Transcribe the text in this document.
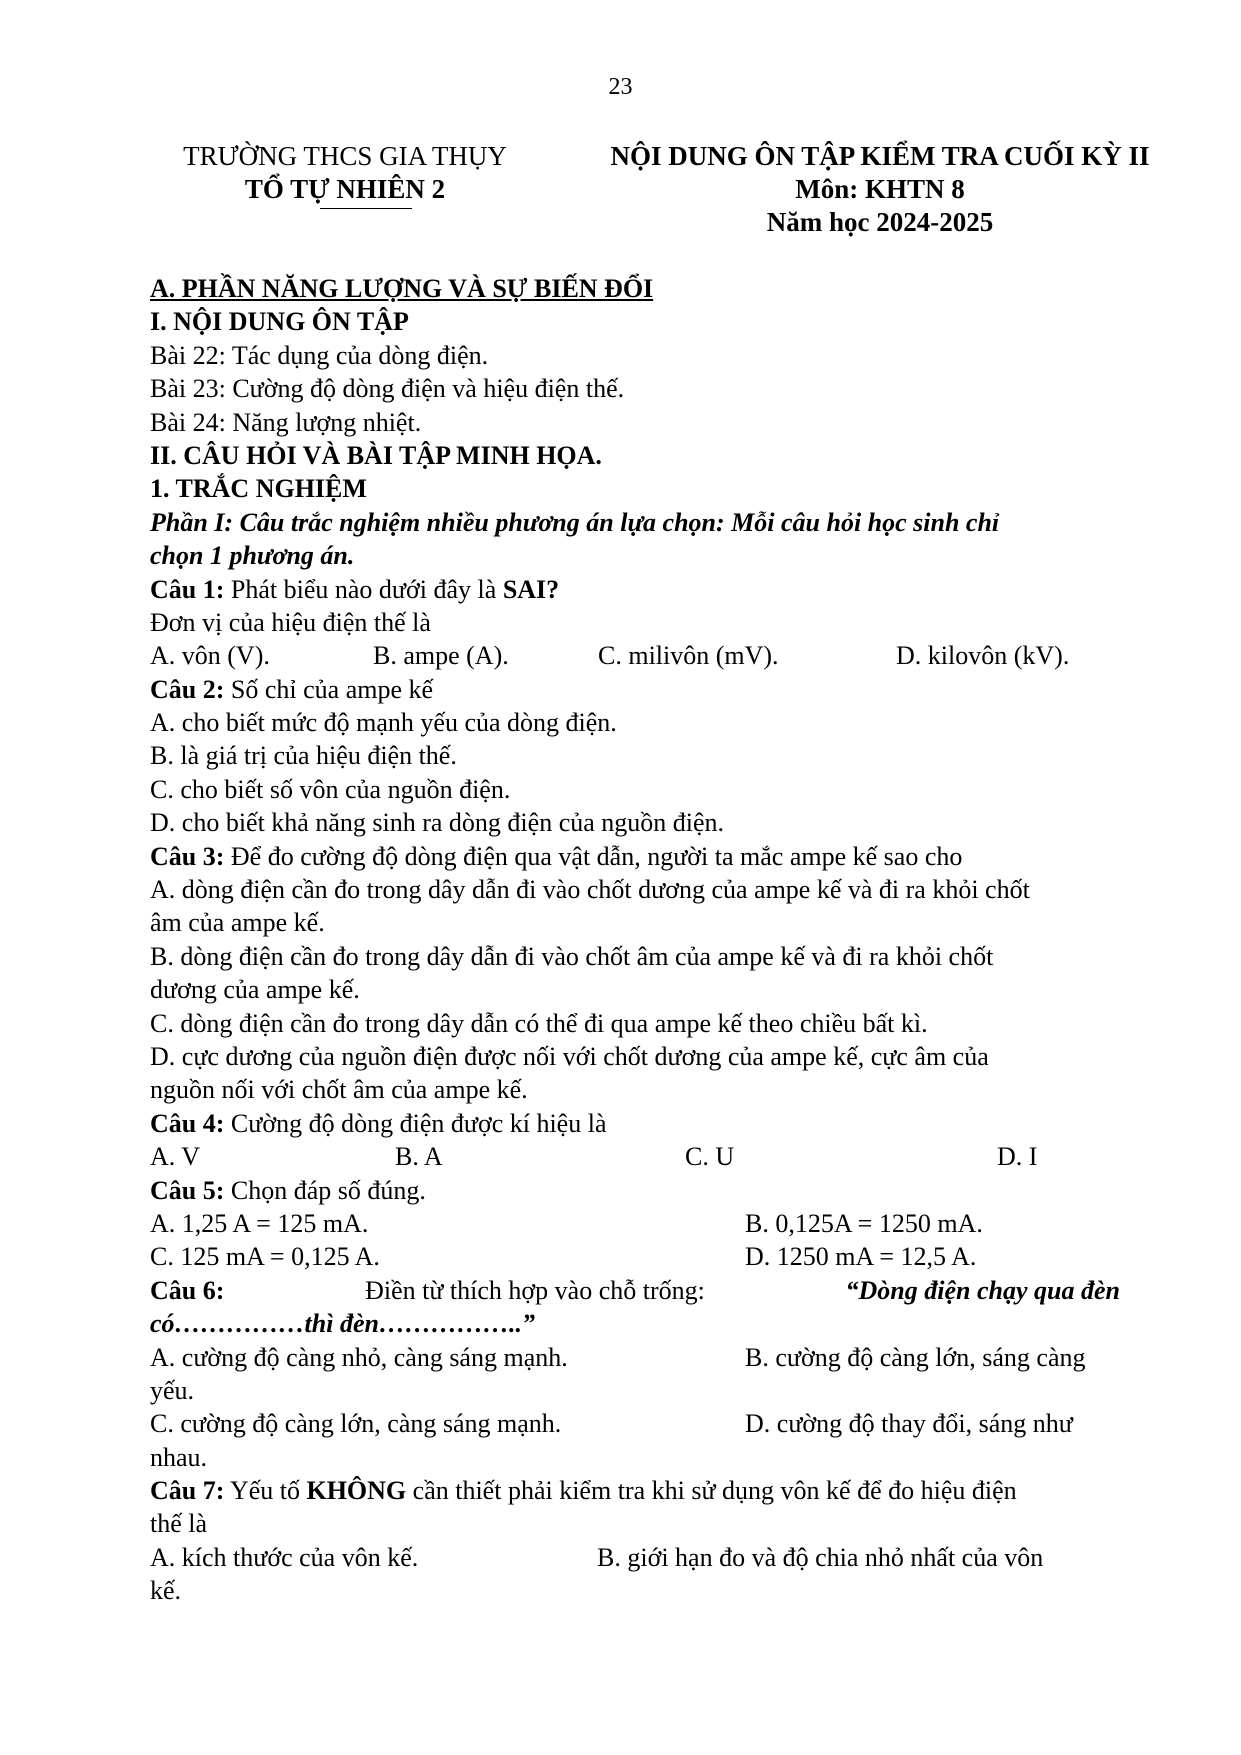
23
TRƯỜNG THCS GIA THỤY
TỔ TỰ NHIÊN 2
NỘI DUNG ÔN TẬP KIỂM TRA CUỐI KỲ II
Môn: KHTN 8
Năm học 2024-2025
A. PHẦN NĂNG LƯỢNG VÀ SỰ BIẾN ĐỔI
I. NỘI DUNG ÔN TẬP
Bài 22: Tác dụng của dòng điện.
Bài 23: Cường độ dòng điện và hiệu điện thế.
Bài 24: Năng lượng nhiệt.
II. CÂU HỎI VÀ BÀI TẬP MINH HỌA.
1. TRẮC NGHIỆM
Phần I: Câu trắc nghiệm nhiều phương án lựa chọn: Mỗi câu hỏi học sinh chỉ
chọn 1 phương án.
Câu 1: Phát biểu nào dưới đây là SAI?
Đơn vị của hiệu điện thế là
A. vôn (V).	B. ampe (A).	C. milivôn (mV).	D. kilovôn (kV).
Câu 2: Số chỉ của ampe kế
A. cho biết mức độ mạnh yếu của dòng điện.
B. là giá trị của hiệu điện thế.
C. cho biết số vôn của nguồn điện.
D. cho biết khả năng sinh ra dòng điện của nguồn điện.
Câu 3: Để đo cường độ dòng điện qua vật dẫn, người ta mắc ampe kế sao cho
A. dòng điện cần đo trong dây dẫn đi vào chốt dương của ampe kế và đi ra khỏi chốt
âm của ampe kế.
B. dòng điện cần đo trong dây dẫn đi vào chốt âm của ampe kế và đi ra khỏi chốt
dương của ampe kế.
C. dòng điện cần đo trong dây dẫn có thể đi qua ampe kế theo chiều bất kì.
D. cực dương của nguồn điện được nối với chốt dương của ampe kế, cực âm của
nguồn nối với chốt âm của ampe kế.
Câu 4: Cường độ dòng điện được kí hiệu là
A. V	B. A	C. U	D. I
Câu 5: Chọn đáp số đúng.
A. 1,25 A = 125 mA.	B. 0,125A = 1250 mA.
C. 125 mA = 0,125 A.	D. 1250 mA = 12,5 A.
Câu 6:	Điền từ thích hợp vào chỗ trống:	“Dòng điện chạy qua đèn
có……………thì đèn……………..”
A. cường độ càng nhỏ, càng sáng mạnh.	B. cường độ càng lớn, sáng càng
yếu.
C. cường độ càng lớn, càng sáng mạnh.	D. cường độ thay đổi, sáng như
nhau.
Câu 7: Yếu tố KHÔNG cần thiết phải kiểm tra khi sử dụng vôn kế để đo hiệu điện
thế là
A. kích thước của vôn kế.	B. giới hạn đo và độ chia nhỏ nhất của vôn
kế.
